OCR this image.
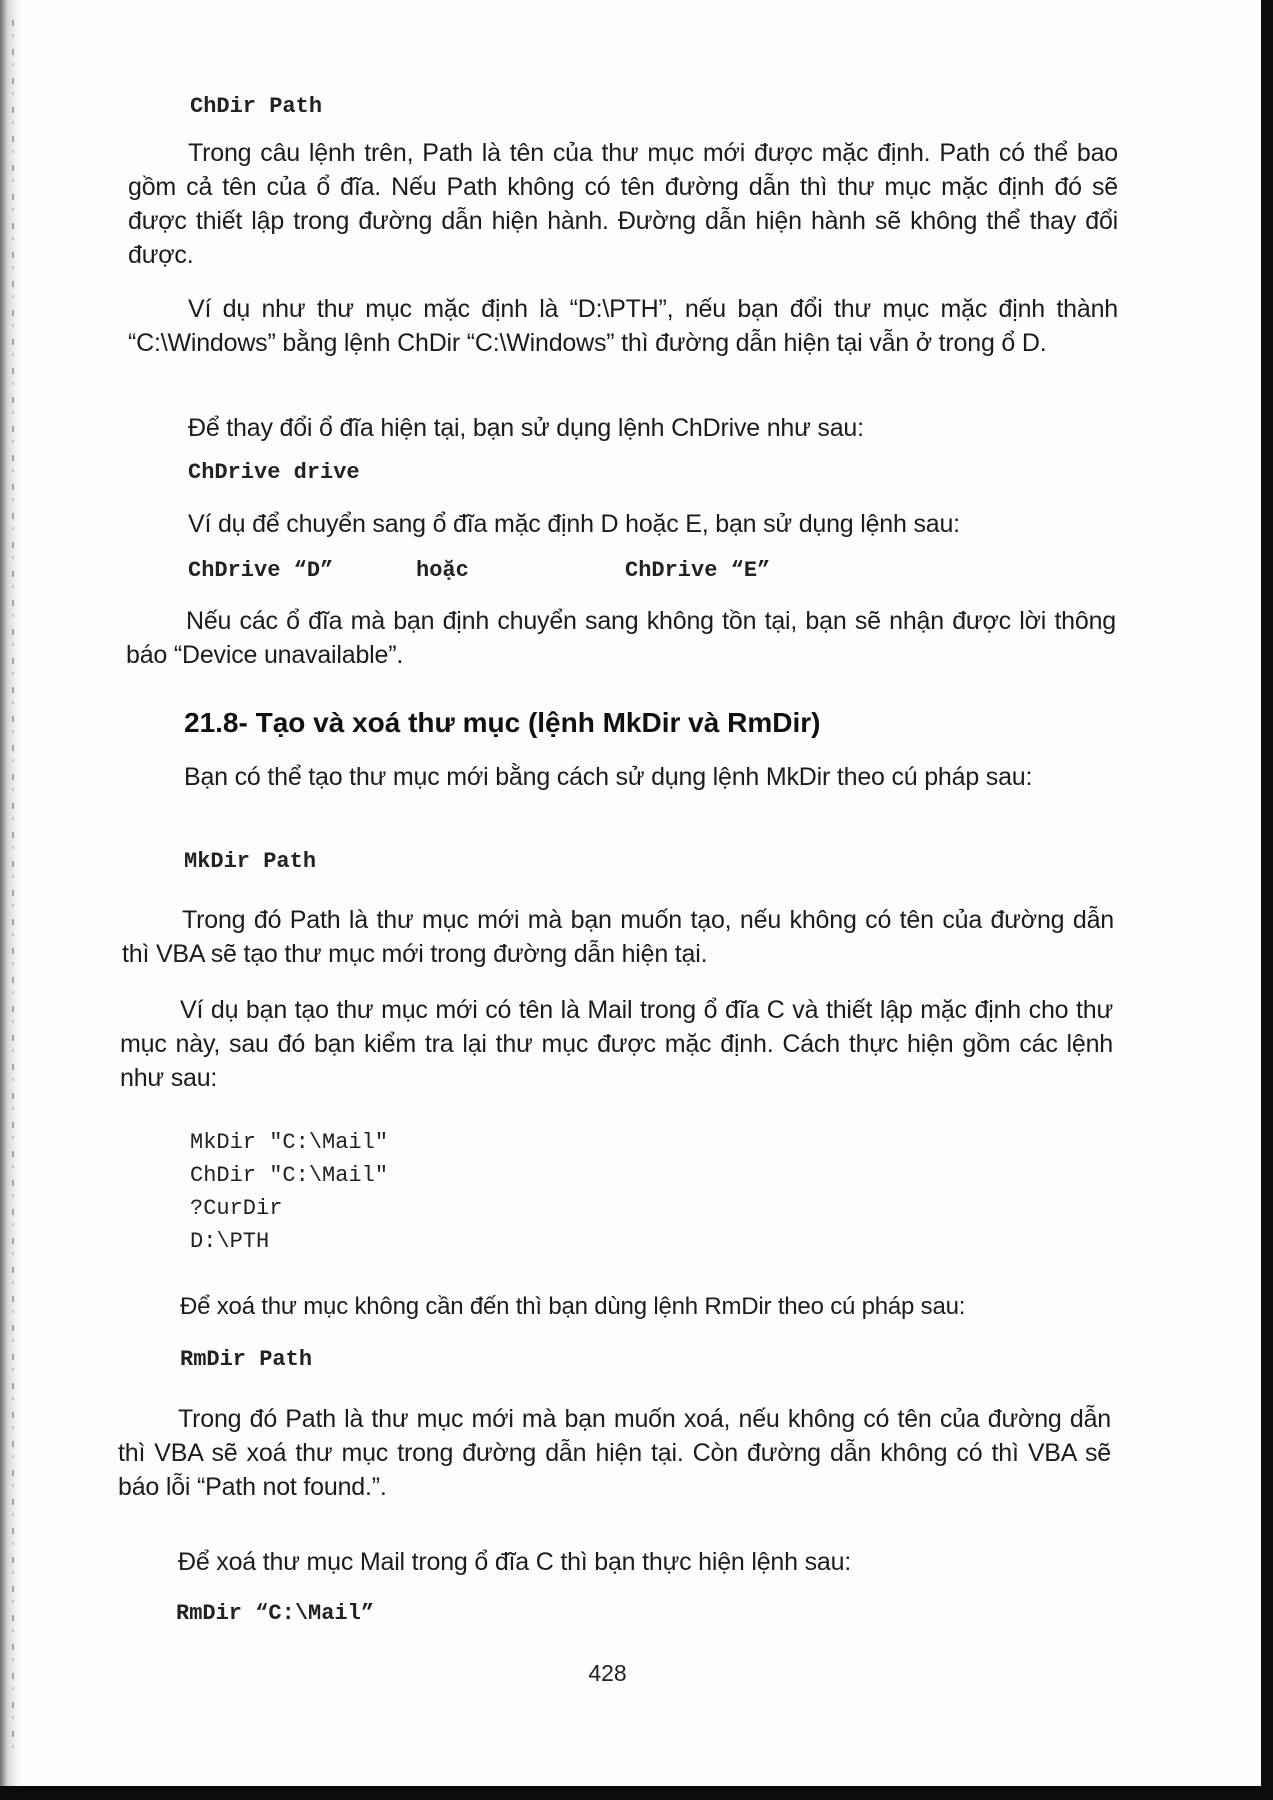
ChDir Path

Trong câu lệnh trên, Path là tên của thư mục mới được mặc định. Path có thể bao gồm cả tên của ổ đĩa. Nếu Path không có tên đường dẫn thì thư mục mặc định đó sẽ được thiết lập trong đường dẫn hiện hành. Đường dẫn hiện hành sẽ không thể thay đổi được.

Ví dụ như thư mục mặc định là “D:\PTH”, nếu bạn đổi thư mục mặc định thành “C:\Windows” bằng lệnh ChDir “C:\Windows” thì đường dẫn hiện tại vẫn ở trong ổ D.

Để thay đổi ổ đĩa hiện tại, bạn sử dụng lệnh ChDrive như sau:

ChDrive drive

Ví dụ để chuyển sang ổ đĩa mặc định D hoặc E, bạn sử dụng lệnh sau:

ChDrive “D”	hoặc	ChDrive “E”

Nếu các ổ đĩa mà bạn định chuyển sang không tồn tại, bạn sẽ nhận được lời thông báo “Device unavailable”.

21.8- Tạo và xoá thư mục (lệnh MkDir và RmDir)

Bạn có thể tạo thư mục mới bằng cách sử dụng lệnh MkDir theo cú pháp sau:

MkDir Path

Trong đó Path là thư mục mới mà bạn muốn tạo, nếu không có tên của đường dẫn thì VBA sẽ tạo thư mục mới trong đường dẫn hiện tại.

Ví dụ bạn tạo thư mục mới có tên là Mail trong ổ đĩa C và thiết lập mặc định cho thư mục này, sau đó bạn kiểm tra lại thư mục được mặc định. Cách thực hiện gồm các lệnh như sau:

MkDir "C:\Mail"
ChDir "C:\Mail"
?CurDir
D:\PTH

Để xoá thư mục không cần đến thì bạn dùng lệnh RmDir theo cú pháp sau:

RmDir Path

Trong đó Path là thư mục mới mà bạn muốn xoá, nếu không có tên của đường dẫn thì VBA sẽ xoá thư mục trong đường dẫn hiện tại. Còn đường dẫn không có thì VBA sẽ báo lỗi “Path not found.”.

Để xoá thư mục Mail trong ổ đĩa C thì bạn thực hiện lệnh sau:

RmDir “C:\Mail”
428
